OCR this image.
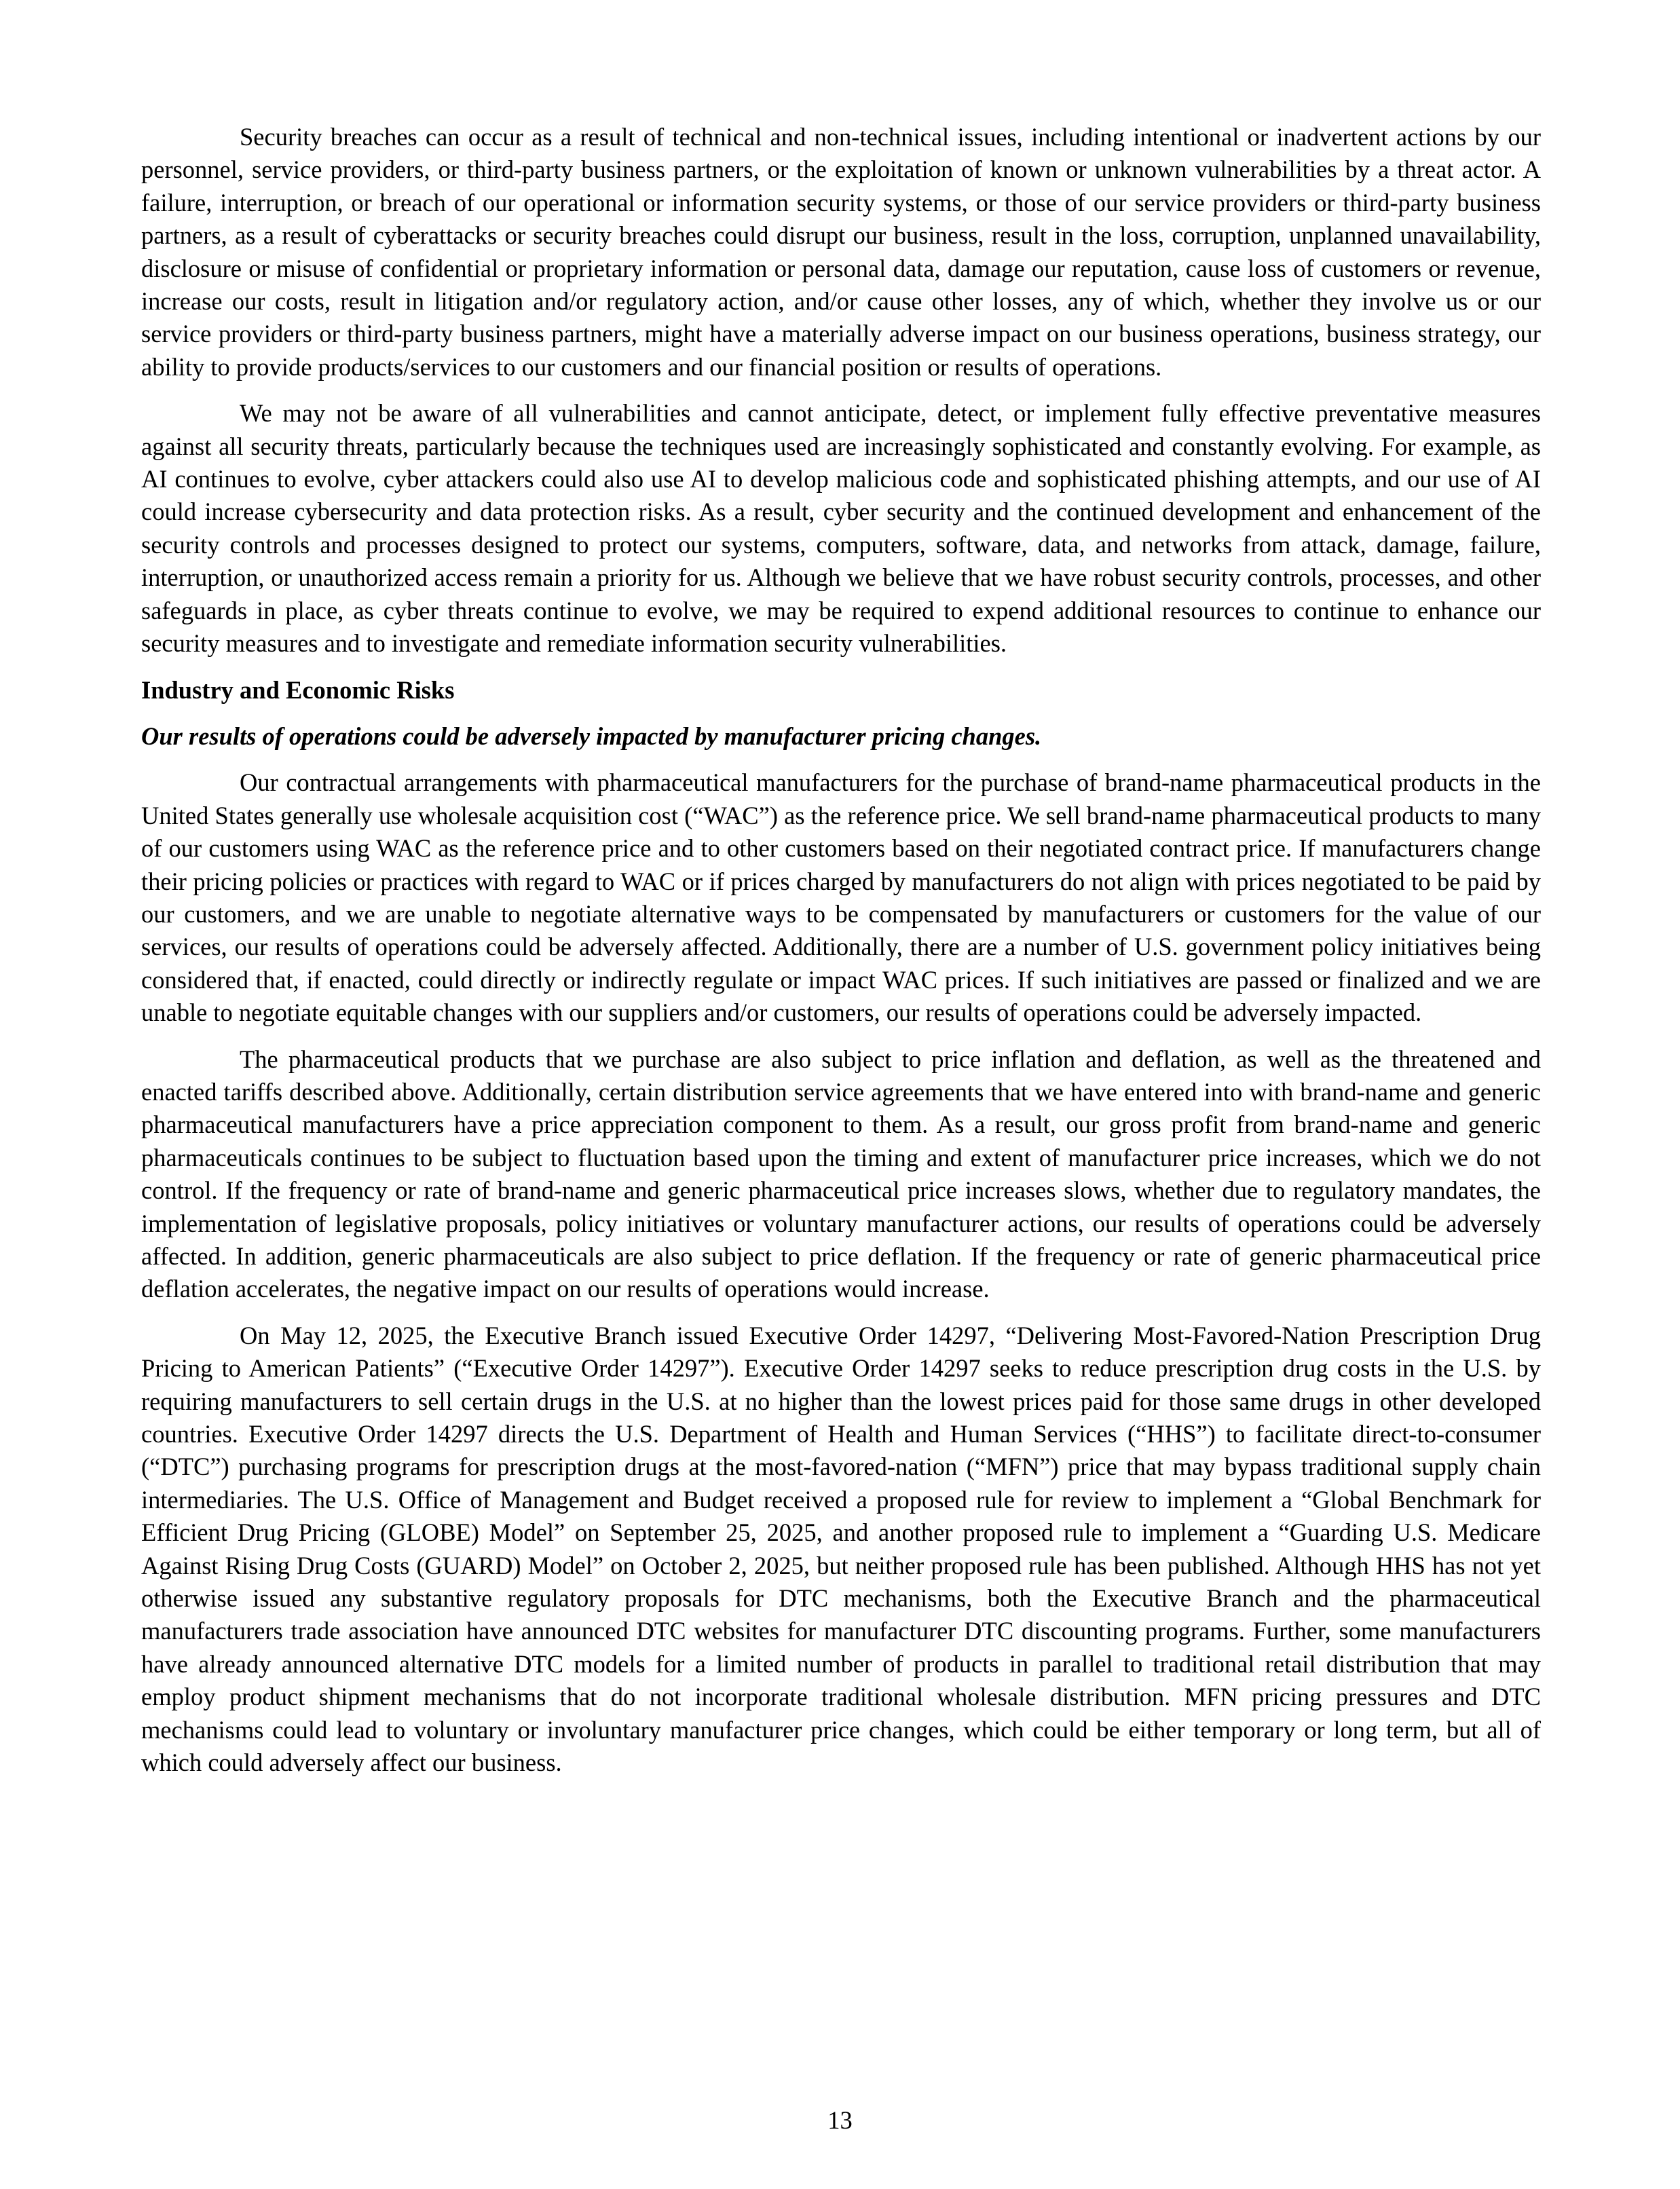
Security breaches can occur as a result of technical and non-technical issues, including intentional or inadvertent actions by our personnel, service providers, or third-party business partners, or the exploitation of known or unknown vulnerabilities by a threat actor. A failure, interruption, or breach of our operational or information security systems, or those of our service providers or third-party business partners, as a result of cyberattacks or security breaches could disrupt our business, result in the loss, corruption, unplanned unavailability, disclosure or misuse of confidential or proprietary information or personal data, damage our reputation, cause loss of customers or revenue, increase our costs, result in litigation and/or regulatory action, and/or cause other losses, any of which, whether they involve us or our service providers or third-party business partners, might have a materially adverse impact on our business operations, business strategy, our ability to provide products/services to our customers and our financial position or results of operations.

We may not be aware of all vulnerabilities and cannot anticipate, detect, or implement fully effective preventative measures against all security threats, particularly because the techniques used are increasingly sophisticated and constantly evolving. For example, as AI continues to evolve, cyber attackers could also use AI to develop malicious code and sophisticated phishing attempts, and our use of AI could increase cybersecurity and data protection risks. As a result, cyber security and the continued development and enhancement of the security controls and processes designed to protect our systems, computers, software, data, and networks from attack, damage, failure, interruption, or unauthorized access remain a priority for us. Although we believe that we have robust security controls, processes, and other safeguards in place, as cyber threats continue to evolve, we may be required to expend additional resources to continue to enhance our security measures and to investigate and remediate information security vulnerabilities.

Industry and Economic Risks

Our results of operations could be adversely impacted by manufacturer pricing changes.

Our contractual arrangements with pharmaceutical manufacturers for the purchase of brand-name pharmaceutical products in the United States generally use wholesale acquisition cost (“WAC”) as the reference price. We sell brand-name pharmaceutical products to many of our customers using WAC as the reference price and to other customers based on their negotiated contract price. If manufacturers change their pricing policies or practices with regard to WAC or if prices charged by manufacturers do not align with prices negotiated to be paid by our customers, and we are unable to negotiate alternative ways to be compensated by manufacturers or customers for the value of our services, our results of operations could be adversely affected. Additionally, there are a number of U.S. government policy initiatives being considered that, if enacted, could directly or indirectly regulate or impact WAC prices. If such initiatives are passed or finalized and we are unable to negotiate equitable changes with our suppliers and/or customers, our results of operations could be adversely impacted.

The pharmaceutical products that we purchase are also subject to price inflation and deflation, as well as the threatened and enacted tariffs described above. Additionally, certain distribution service agreements that we have entered into with brand-name and generic pharmaceutical manufacturers have a price appreciation component to them. As a result, our gross profit from brand-name and generic pharmaceuticals continues to be subject to fluctuation based upon the timing and extent of manufacturer price increases, which we do not control. If the frequency or rate of brand-name and generic pharmaceutical price increases slows, whether due to regulatory mandates, the implementation of legislative proposals, policy initiatives or voluntary manufacturer actions, our results of operations could be adversely affected. In addition, generic pharmaceuticals are also subject to price deflation. If the frequency or rate of generic pharmaceutical price deflation accelerates, the negative impact on our results of operations would increase.

On May 12, 2025, the Executive Branch issued Executive Order 14297, “Delivering Most-Favored-Nation Prescription Drug Pricing to American Patients” (“Executive Order 14297”). Executive Order 14297 seeks to reduce prescription drug costs in the U.S. by requiring manufacturers to sell certain drugs in the U.S. at no higher than the lowest prices paid for those same drugs in other developed countries. Executive Order 14297 directs the U.S. Department of Health and Human Services (“HHS”) to facilitate direct-to-consumer (“DTC”) purchasing programs for prescription drugs at the most-favored-nation (“MFN”) price that may bypass traditional supply chain intermediaries. The U.S. Office of Management and Budget received a proposed rule for review to implement a “Global Benchmark for Efficient Drug Pricing (GLOBE) Model” on September 25, 2025, and another proposed rule to implement a “Guarding U.S. Medicare Against Rising Drug Costs (GUARD) Model” on October 2, 2025, but neither proposed rule has been published. Although HHS has not yet otherwise issued any substantive regulatory proposals for DTC mechanisms, both the Executive Branch and the pharmaceutical manufacturers trade association have announced DTC websites for manufacturer DTC discounting programs. Further, some manufacturers have already announced alternative DTC models for a limited number of products in parallel to traditional retail distribution that may employ product shipment mechanisms that do not incorporate traditional wholesale distribution. MFN pricing pressures and DTC mechanisms could lead to voluntary or involuntary manufacturer price changes, which could be either temporary or long term, but all of which could adversely affect our business.

13
